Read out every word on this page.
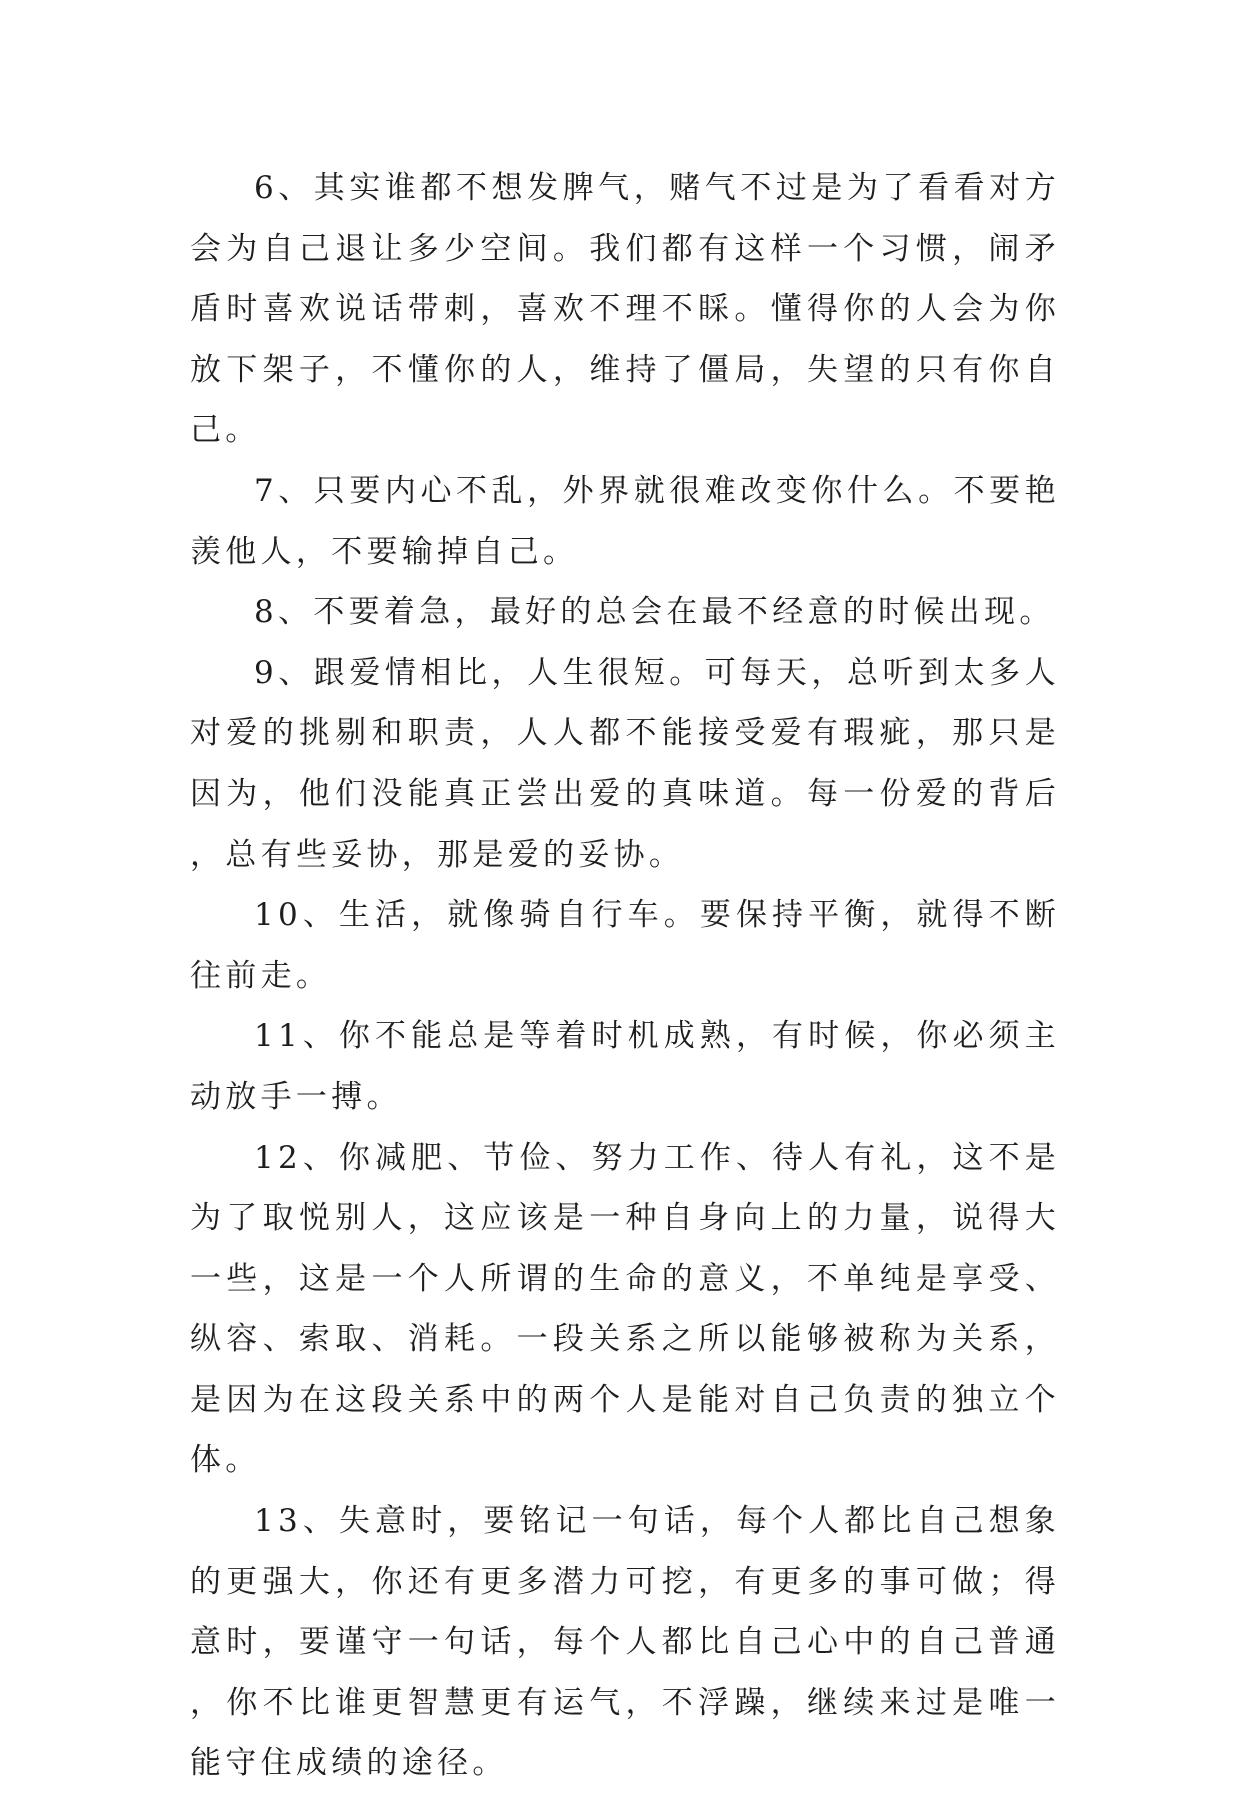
6、其实谁都不想发脾气，赌气不过是为了看看对方会为自己退让多少空间。我们都有这样一个习惯，闹矛盾时喜欢说话带刺，喜欢不理不睬。懂得你的人会为你放下架子，不懂你的人，维持了僵局，失望的只有你自己。

7、只要内心不乱，外界就很难改变你什么。不要艳羡他人，不要输掉自己。

8、不要着急，最好的总会在最不经意的时候出现。

9、跟爱情相比，人生很短。可每天，总听到太多人对爱的挑剔和职责，人人都不能接受爱有瑕疵，那只是因为，他们没能真正尝出爱的真味道。每一份爱的背后，总有些妥协，那是爱的妥协。

10、生活，就像骑自行车。要保持平衡，就得不断往前走。

11、你不能总是等着时机成熟，有时候，你必须主动放手一搏。

12、你减肥、节俭、努力工作、待人有礼，这不是为了取悦别人，这应该是一种自身向上的力量，说得大一些，这是一个人所谓的生命的意义，不单纯是享受、纵容、索取、消耗。一段关系之所以能够被称为关系，是因为在这段关系中的两个人是能对自己负责的独立个体。

13、失意时，要铭记一句话，每个人都比自己想象的更强大，你还有更多潜力可挖，有更多的事可做；得意时，要谨守一句话，每个人都比自己心中的自己普通，你不比谁更智慧更有运气，不浮躁，继续来过是唯一能守住成绩的途径。
